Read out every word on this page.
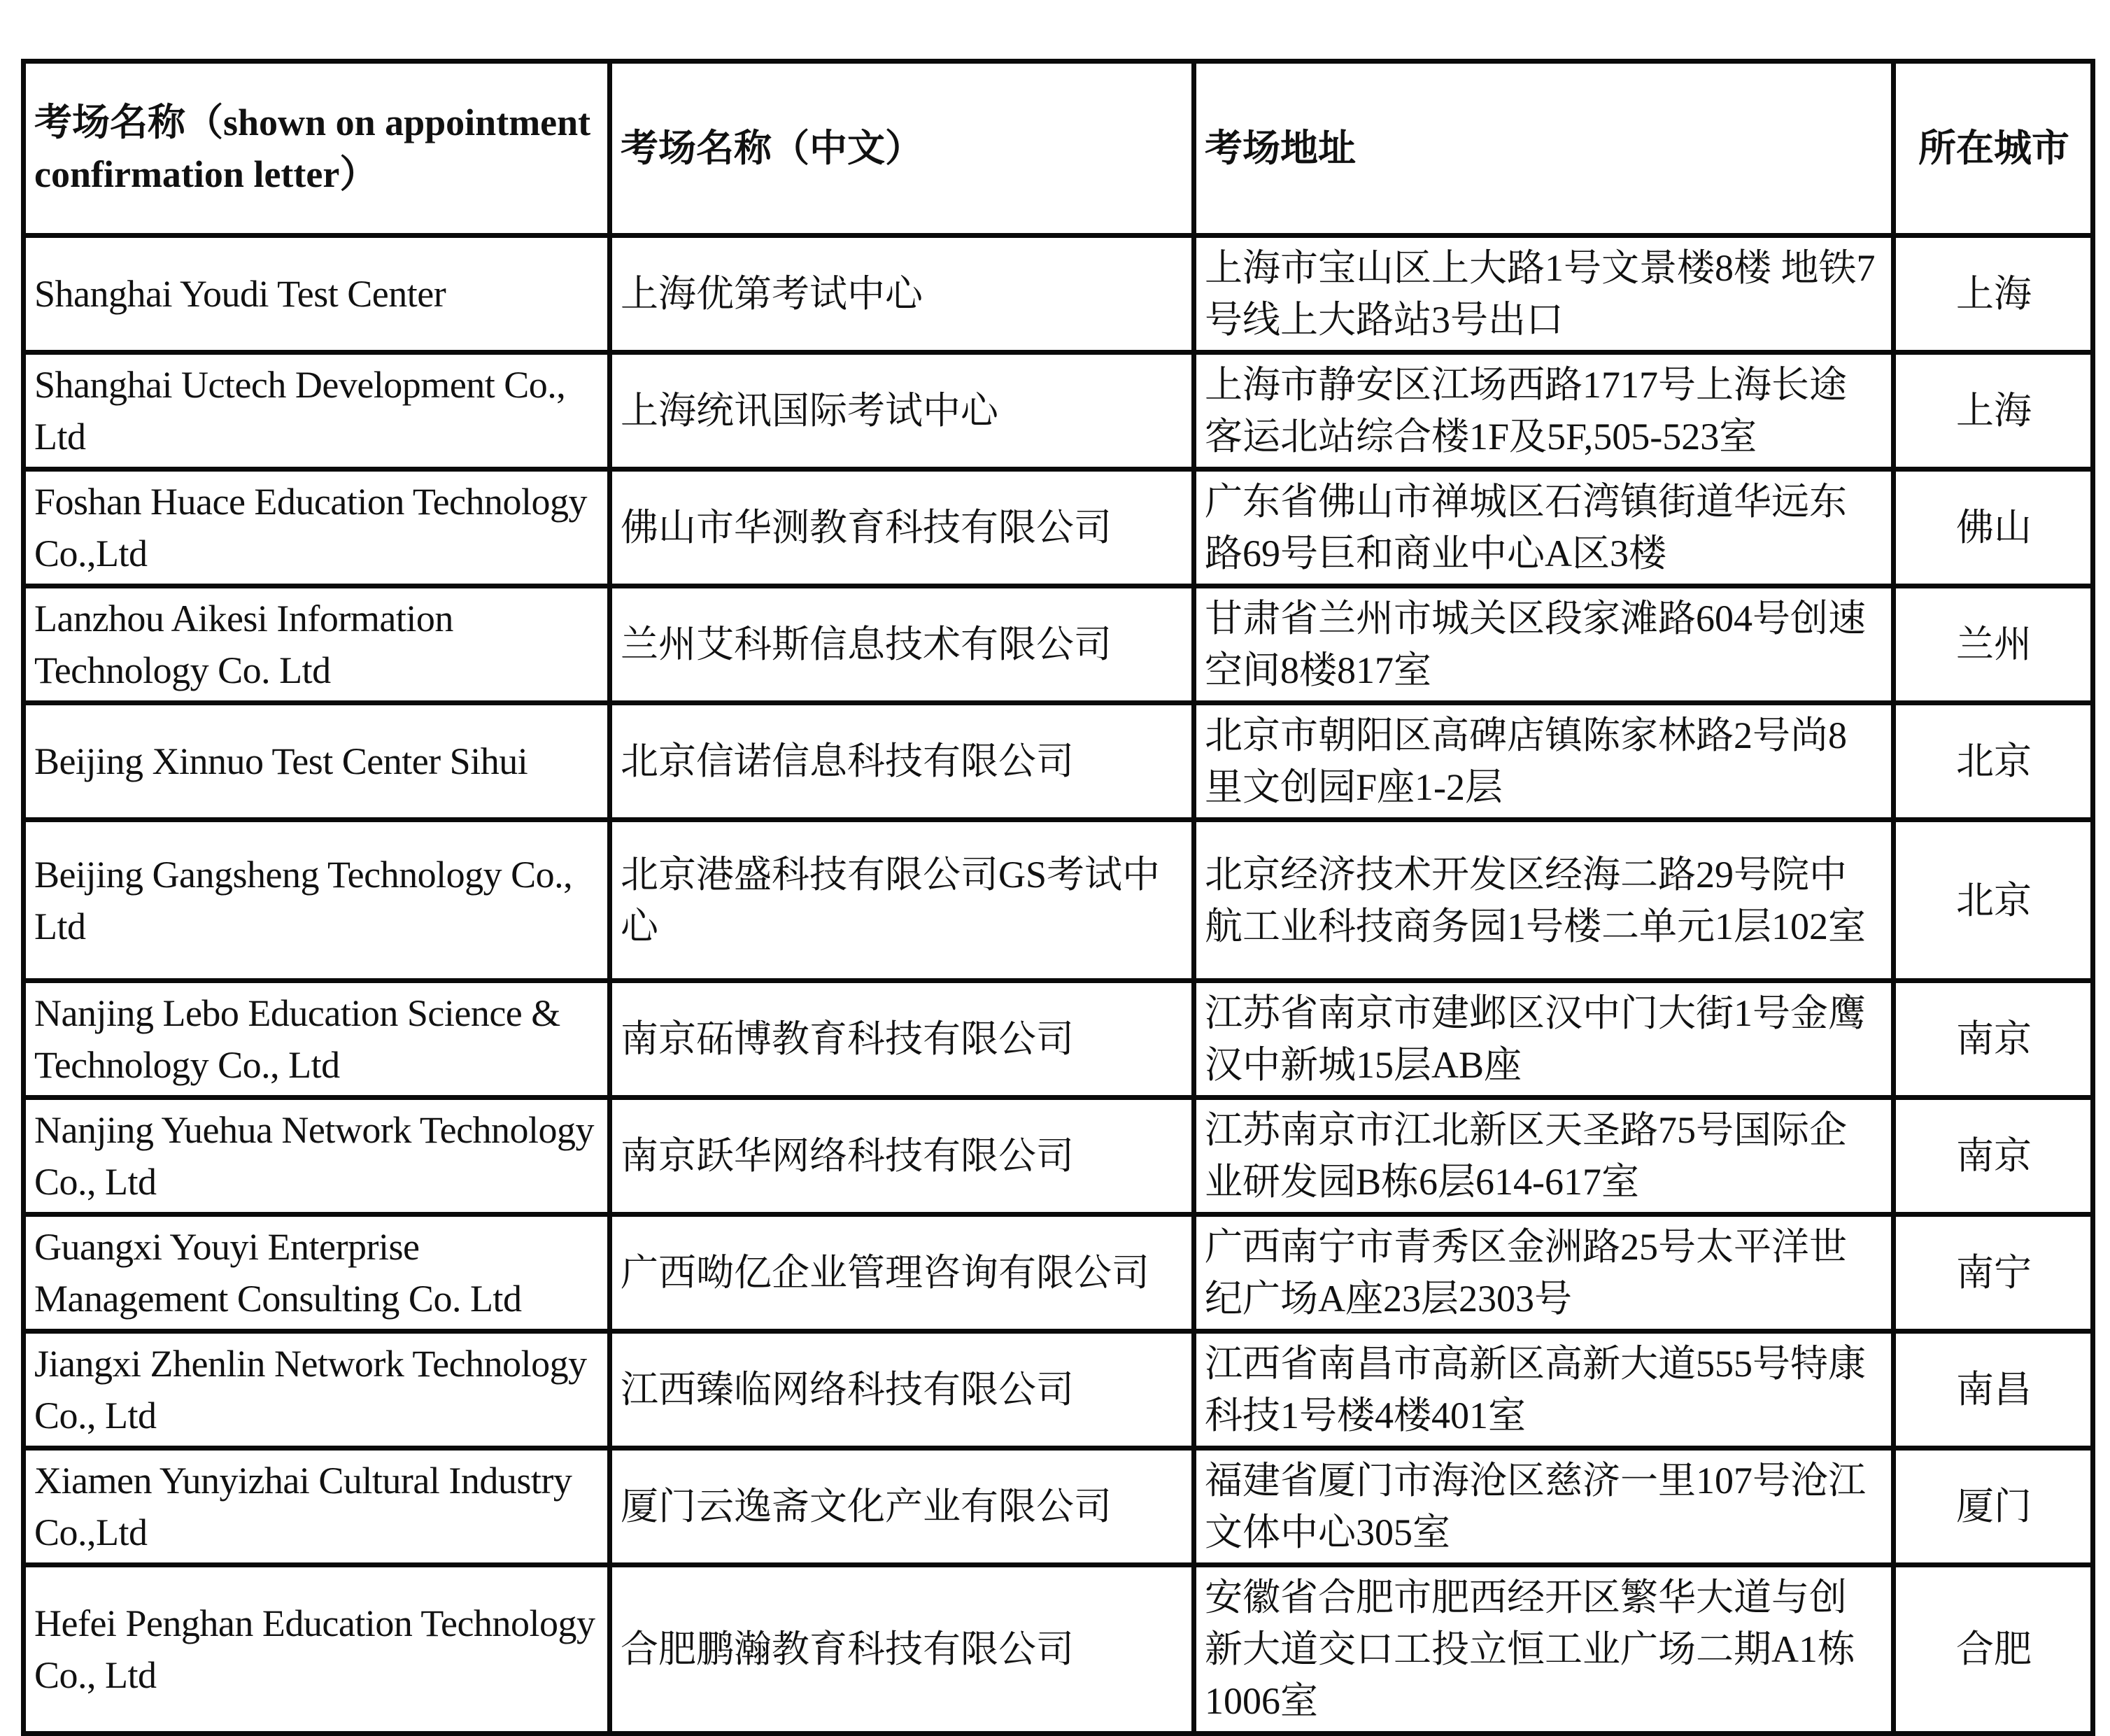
考场名称（shown on appointment confirmation letter）	考场名称（中文）	考场地址	所在城市

Shanghai Youdi Test Center	上海优第考试中心	上海市宝山区上大路1号文景楼8楼 地铁7号线上大路站3号出口	上海

Shanghai Uctech Development Co., Ltd	上海统讯国际考试中心	上海市静安区江场西路1717号上海长途客运北站综合楼1F及5F,505-523室	上海

Foshan Huace Education Technology Co.,Ltd	佛山市华测教育科技有限公司	广东省佛山市禅城区石湾镇街道华远东路69号巨和商业中心A区3楼	佛山

Lanzhou Aikesi Information Technology Co. Ltd	兰州艾科斯信息技术有限公司	甘肃省兰州市城关区段家滩路604号创速空间8楼817室	兰州

Beijing Xinnuo Test Center Sihui	北京信诺信息科技有限公司	北京市朝阳区高碑店镇陈家林路2号尚8里文创园F座1-2层	北京

Beijing Gangsheng Technology Co., Ltd	北京港盛科技有限公司GS考试中心	北京经济技术开发区经海二路29号院中航工业科技商务园1号楼二单元1层102室	北京

Nanjing Lebo Education Science & Technology Co., Ltd	南京砳博教育科技有限公司	江苏省南京市建邺区汉中门大街1号金鹰汉中新城15层AB座	南京

Nanjing Yuehua Network Technology Co., Ltd	南京跃华网络科技有限公司	江苏南京市江北新区天圣路75号国际企业研发园B栋6层614-617室	南京

Guangxi Youyi Enterprise Management Consulting Co. Ltd	广西呦亿企业管理咨询有限公司	广西南宁市青秀区金洲路25号太平洋世纪广场A座23层2303号	南宁

Jiangxi Zhenlin Network Technology Co., Ltd	江西臻临网络科技有限公司	江西省南昌市高新区高新大道555号特康科技1号楼4楼401室	南昌

Xiamen Yunyizhai Cultural Industry Co.,Ltd	厦门云逸斋文化产业有限公司	福建省厦门市海沧区慈济一里107号沧江文体中心305室	厦门

Hefei Penghan Education Technology Co., Ltd	合肥鹏瀚教育科技有限公司	安徽省合肥市肥西经开区繁华大道与创新大道交口工投立恒工业广场二期A1栋1006室	合肥
